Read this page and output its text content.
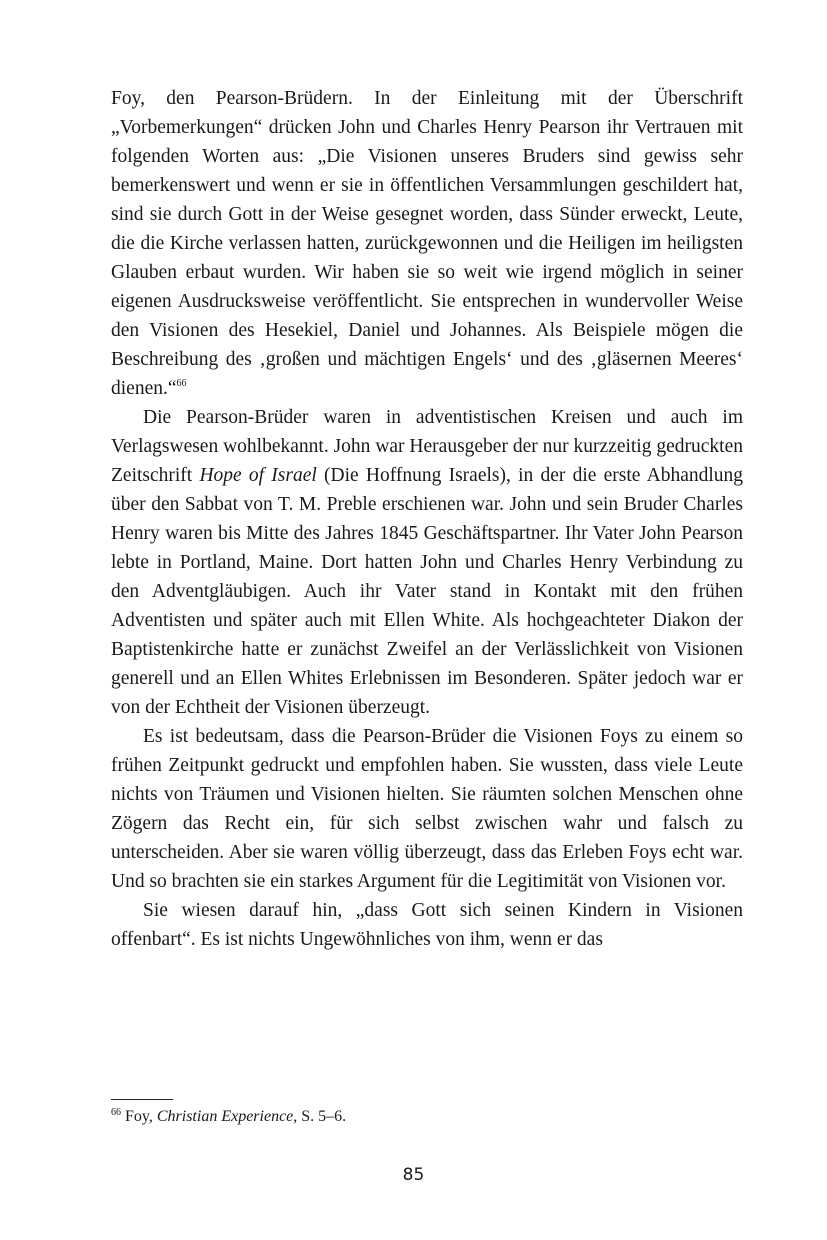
Foy, den Pearson-Brüdern. In der Einleitung mit der Überschrift „Vorbemerkungen“ drücken John und Charles Henry Pearson ihr Vertrauen mit folgenden Worten aus: „Die Visionen unseres Bruders sind gewiss sehr bemerkenswert und wenn er sie in öffentlichen Versammlungen geschildert hat, sind sie durch Gott in der Weise gesegnet worden, dass Sünder erweckt, Leute, die die Kirche verlassen hatten, zurückgewonnen und die Heiligen im heiligsten Glauben erbaut wurden. Wir haben sie so weit wie irgend möglich in seiner eigenen Ausdrucksweise veröffentlicht. Sie entsprechen in wundervoller Weise den Visionen des Hesekiel, Daniel und Johannes. Als Beispiele mögen die Beschreibung des ‚großen und mächtigen Engels‘ und des ‚gläsernen Meeres‘ dienen.“$^{66}$

Die Pearson-Brüder waren in adventistischen Kreisen und auch im Verlagswesen wohlbekannt. John war Herausgeber der nur kurzzeitig gedruckten Zeitschrift Hope of Israel (Die Hoffnung Israels), in der die erste Abhandlung über den Sabbat von T. M. Preble erschienen war. John und sein Bruder Charles Henry waren bis Mitte des Jahres 1845 Geschäftspartner. Ihr Vater John Pearson lebte in Portland, Maine. Dort hatten John und Charles Henry Verbindung zu den Adventgläubigen. Auch ihr Vater stand in Kontakt mit den frühen Adventisten und später auch mit Ellen White. Als hochgeachteter Diakon der Baptistenkirche hatte er zunächst Zweifel an der Verlässlichkeit von Visionen generell und an Ellen Whites Erlebnissen im Besonderen. Später jedoch war er von der Echtheit der Visionen überzeugt.

Es ist bedeutsam, dass die Pearson-Brüder die Visionen Foys zu einem so frühen Zeitpunkt gedruckt und empfohlen haben. Sie wussten, dass viele Leute nichts von Träumen und Visionen hielten. Sie räumten solchen Menschen ohne Zögern das Recht ein, für sich selbst zwischen wahr und falsch zu unterscheiden. Aber sie waren völlig überzeugt, dass das Erleben Foys echt war. Und so brachten sie ein starkes Argument für die Legitimität von Visionen vor.

Sie wiesen darauf hin, „dass Gott sich seinen Kindern in Visionen offenbart“. Es ist nichts Ungewöhnliches von ihm, wenn er das

$^{66}$ Foy, Christian Experience, S. 5–6.
85
